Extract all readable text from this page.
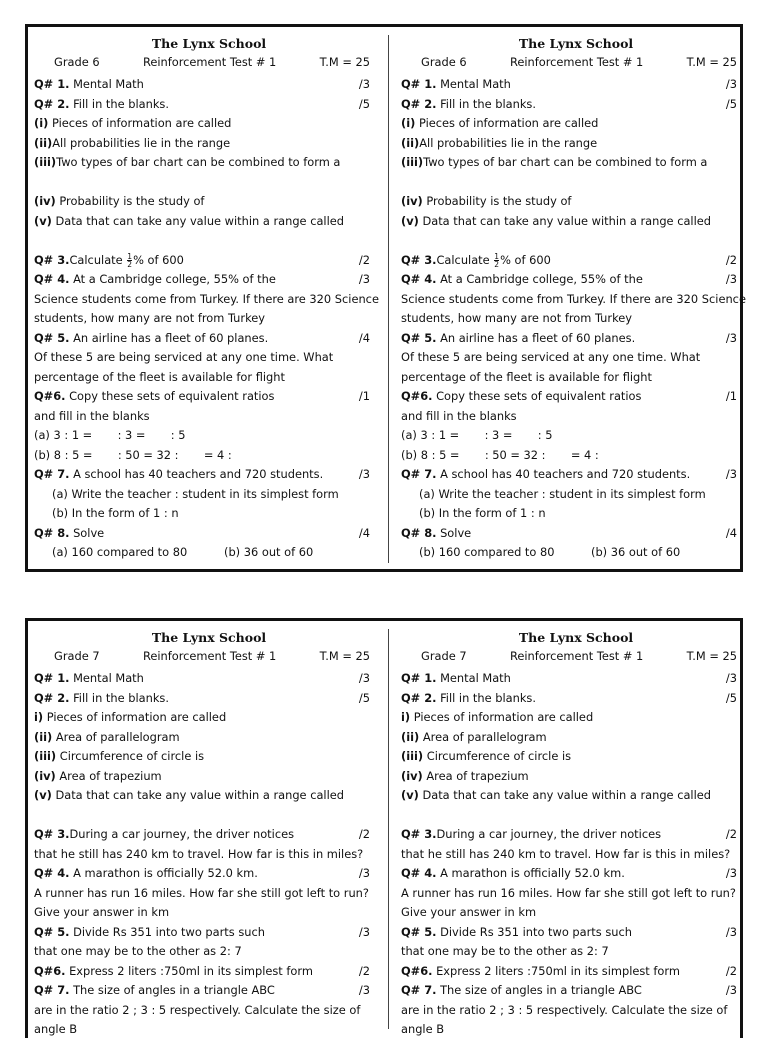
The Lynx School
Grade 6	Reinforcement Test # 1	T.M = 25
Q# 1. Mental Math	/3
Q# 2. Fill in the blanks.	/5
(i) Pieces of information are called
(ii)All probabilities lie in the range
(iii)Two types of bar chart can be combined to form a
(iv) Probability is the study of
(v) Data that can take any value within a range called
Q# 3.Calculate $\frac{1}{2}$ % of 600	/2
Q# 4. At a Cambridge college, 55% of the	/3
Science students come from Turkey. If there are 320 Science
students, how many are not from Turkey
Q# 5. An airline has a fleet of 60 planes.	/4
Of these 5 are being serviced at any one time. What
percentage of the fleet is available for flight
Q#6. Copy these sets of equivalent ratios	/1
and fill in the blanks
(a) 3 : 1 =       : 3 =       : 5
(b) 8 : 5 =       : 50 = 32 :       = 4 :
Q# 7. A school has 40 teachers and 720 students.	/3
(a) Write the teacher : student in its simplest form
(b) In the form of 1 : n
Q# 8. Solve	/4
(a) 160 compared to 80	(b) 36 out of 60
The Lynx School
Grade 6	Reinforcement Test # 1	T.M = 25
Q# 1. Mental Math	/3
Q# 2. Fill in the blanks.	/5
(i) Pieces of information are called
(ii)All probabilities lie in the range
(iii)Two types of bar chart can be combined to form a
(iv) Probability is the study of
(v) Data that can take any value within a range called
Q# 3.Calculate $\frac{1}{2}$ % of 600	/2
Q# 4. At a Cambridge college, 55% of the	/3
Science students come from Turkey. If there are 320 Science
students, how many are not from Turkey
Q# 5. An airline has a fleet of 60 planes.	/3
Of these 5 are being serviced at any one time. What
percentage of the fleet is available for flight
Q#6. Copy these sets of equivalent ratios	/1
and fill in the blanks
(a) 3 : 1 =       : 3 =       : 5
(b) 8 : 5 =       : 50 = 32 :       = 4 :
Q# 7. A school has 40 teachers and 720 students.	/3
(a) Write the teacher : student in its simplest form
(b) In the form of 1 : n
Q# 8. Solve	/4
(b) 160 compared to 80	(b) 36 out of 60
The Lynx School
Grade 7	Reinforcement Test # 1	T.M = 25
Q# 1. Mental Math	/3
Q# 2. Fill in the blanks.	/5
i) Pieces of information are called
(ii) Area of parallelogram
(iii) Circumference of circle is
(iv) Area of trapezium
(v) Data that can take any value within a range called
Q# 3.During a car journey, the driver notices	/2
that he still has 240 km to travel. How far is this in miles?
Q# 4. A marathon is officially 52.0 km.	/3
A runner has run 16 miles. How far she still got left to run?
Give your answer in km
Q# 5. Divide Rs 351 into two parts such	/3
that one may be to the other as 2: 7
Q#6. Express 2 liters :750ml in its simplest form	/2
Q# 7. The size of angles in a triangle ABC	/3
are in the ratio 2 ; 3 : 5 respectively. Calculate the size of
angle B
The Lynx School
Grade 7	Reinforcement Test # 1	T.M = 25
Q# 1. Mental Math	/3
Q# 2. Fill in the blanks.	/5
i) Pieces of information are called
(ii) Area of parallelogram
(iii) Circumference of circle is
(iv) Area of trapezium
(v) Data that can take any value within a range called
Q# 3.During a car journey, the driver notices	/2
that he still has 240 km to travel. How far is this in miles?
Q# 4. A marathon is officially 52.0 km.	/3
A runner has run 16 miles. How far she still got left to run?
Give your answer in km
Q# 5. Divide Rs 351 into two parts such	/3
that one may be to the other as 2: 7
Q#6. Express 2 liters :750ml in its simplest form	/2
Q# 7. The size of angles in a triangle ABC	/3
are in the ratio 2 ; 3 : 5 respectively. Calculate the size of
angle B
